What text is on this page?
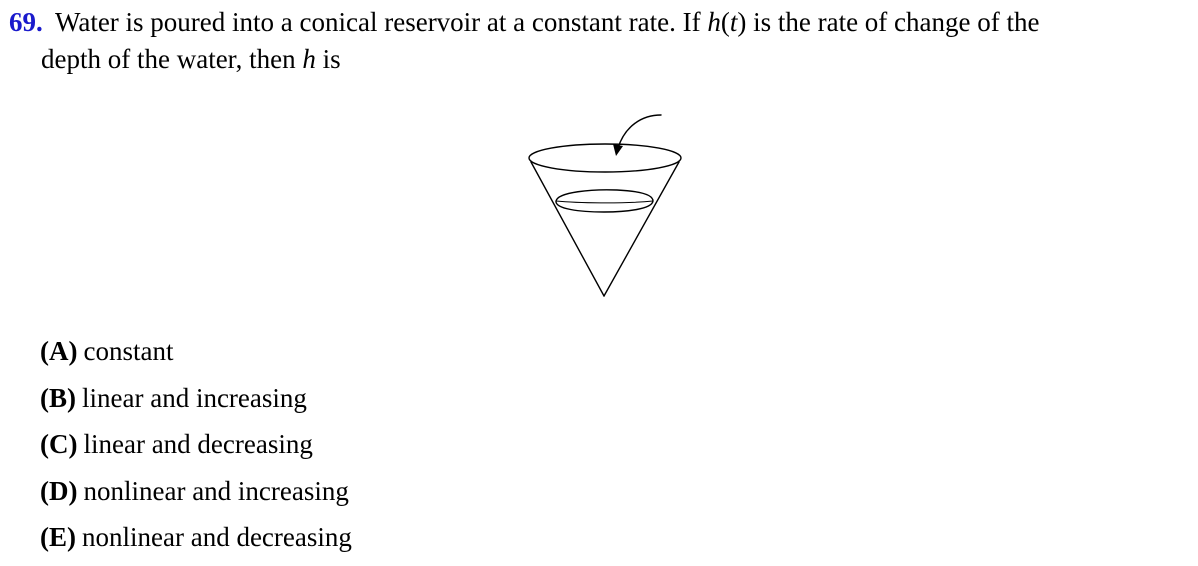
69. Water is poured into a conical reservoir at a constant rate. If h(t) is the rate of change of the
depth of the water, then h is
(A) constant
(B) linear and increasing
(C) linear and decreasing
(D) nonlinear and increasing
(E) nonlinear and decreasing
